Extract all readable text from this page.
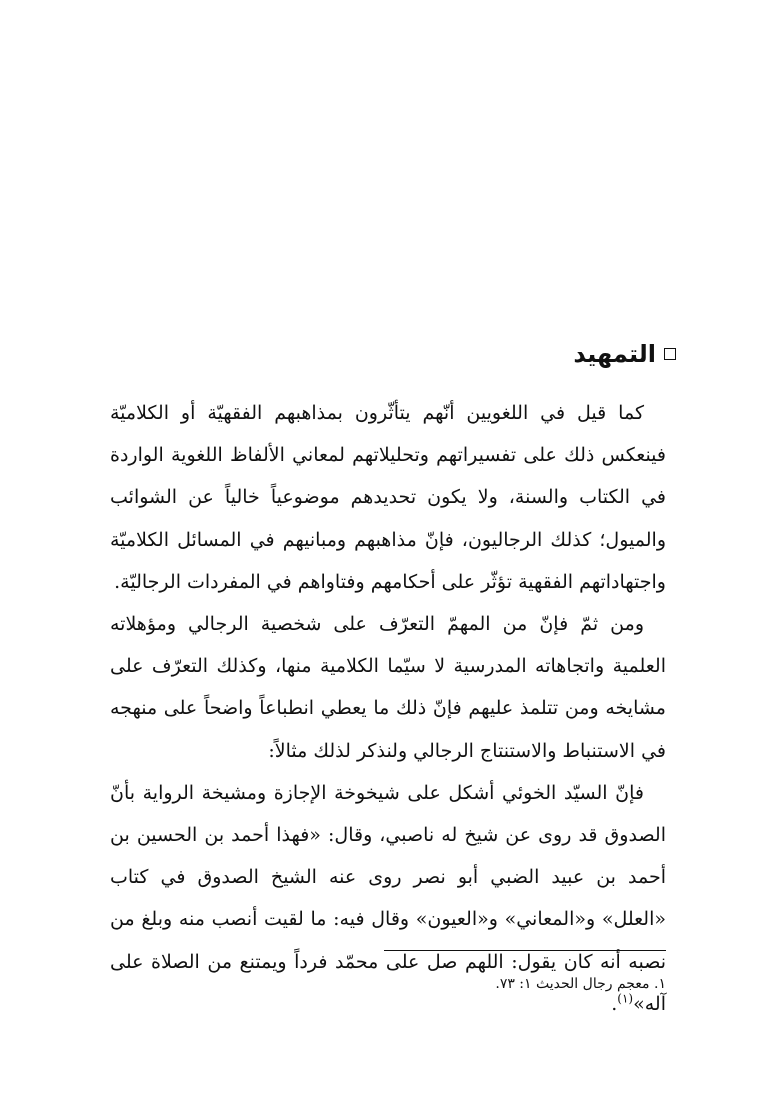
التمهيد

كما قيل في اللغويين أنّهم يتأثّرون بمذاهبهم الفقهيّة أو الكلاميّة فينعكس ذلك على تفسيراتهم وتحليلاتهم لمعاني الألفاظ اللغوية الواردة في الكتاب والسنة، ولا يكون تحديدهم موضوعياً خالياً عن الشوائب والميول؛ كذلك الرجاليون، فإنّ مذاهبهم ومبانيهم في المسائل الكلاميّة واجتهاداتهم الفقهية تؤثّر على أحكامهم وفتاواهم في المفردات الرجاليّة.

ومن ثمّ فإنّ من المهمّ التعرّف على شخصية الرجالي ومؤهلاته العلمية واتجاهاته المدرسية لا سيّما الكلامية منها، وكذلك التعرّف على مشايخه ومن تتلمذ عليهم فإنّ ذلك ما يعطي انطباعاً واضحاً على منهجه في الاستنباط والاستنتاج الرجالي ولنذكر لذلك مثالاً:

فإنّ السيّد الخوئي أشكل على شيخوخة الإجازة ومشيخة الرواية بأنّ الصدوق قد روى عن شيخ له ناصبي، وقال: «فهذا أحمد بن الحسين بن أحمد بن عبيد الضبي أبو نصر روى عنه الشيخ الصدوق في كتاب «العلل» و«المعاني» و«العيون» وقال فيه: ما لقيت أنصب منه وبلغ من نصبه أنه كان يقول: اللهم صل على محمّد فرداً ويمتنع من الصلاة على آله»$^{(١)}$.

١. معجم رجال الحديث ١: ٧٣.
